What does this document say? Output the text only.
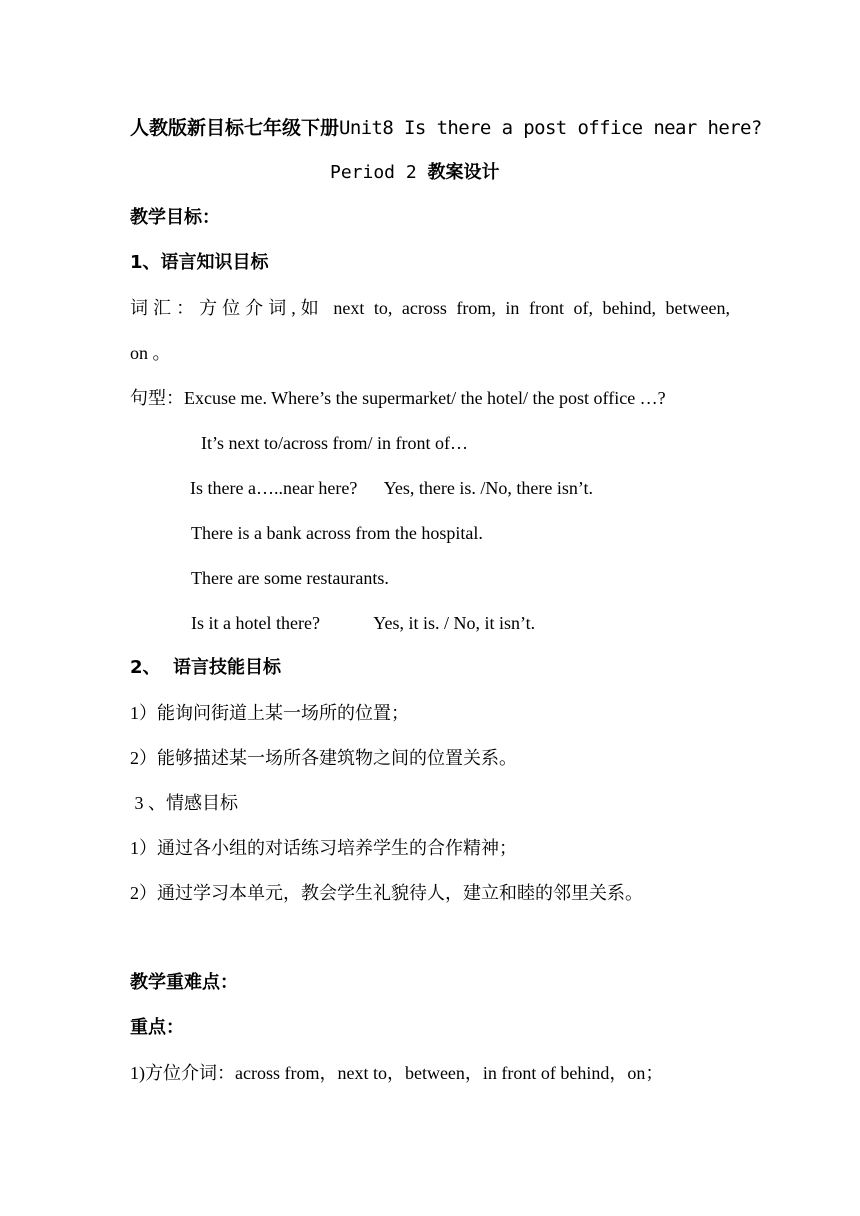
人教版新目标七年级下册Unit8 Is there a post office near here?
Period 2 教案设计
教学目标：
1、语言知识目标
词汇：方位介词,如 next to, across from, in front of, behind, between,
on 。
句型：Excuse me. Where’s the supermarket/ the hotel/ the post office …?
It’s next to/across from/ in front of…
Is there a…..near here?      Yes, there is. /No, there isn’t.
There is a bank across from the hospital.
There are some restaurants.
Is it a hotel there?            Yes, it is. / No, it isn’t.
2、  语言技能目标
1）能询问街道上某一场所的位置；
2）能够描述某一场所各建筑物之间的位置关系。
3 、情感目标
1）通过各小组的对话练习培养学生的合作精神；
2）通过学习本单元，教会学生礼貌待人，建立和睦的邻里关系。
教学重难点：
重点：
1)方位介词：across from，next to，between，in front of behind，on；
